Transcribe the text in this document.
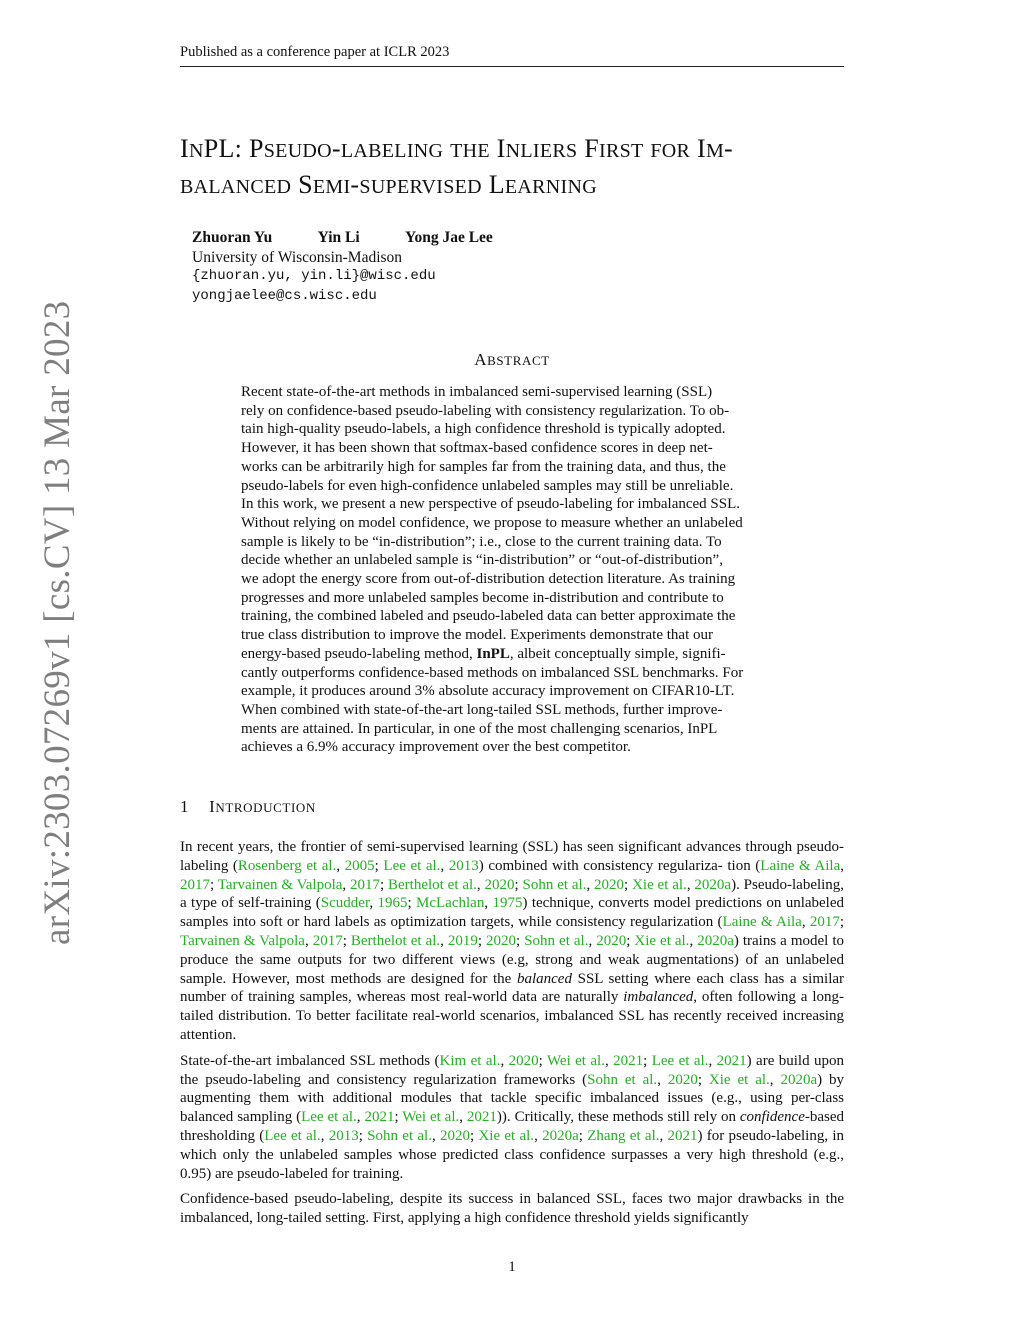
Published as a conference paper at ICLR 2023
arXiv:2303.07269v1 [cs.CV] 13 Mar 2023
INPL: PSEUDO-LABELING THE INLIERS FIRST FOR IM-
BALANCED SEMI-SUPERVISED LEARNING
Zhuoran Yu	Yin Li	Yong Jae Lee
University of Wisconsin-Madison
{zhuoran.yu, yin.li}@wisc.edu
yongjaelee@cs.wisc.edu
ABSTRACT
Recent state-of-the-art methods in imbalanced semi-supervised learning (SSL)
rely on confidence-based pseudo-labeling with consistency regularization. To ob-
tain high-quality pseudo-labels, a high confidence threshold is typically adopted.
However, it has been shown that softmax-based confidence scores in deep net-
works can be arbitrarily high for samples far from the training data, and thus, the
pseudo-labels for even high-confidence unlabeled samples may still be unreliable.
In this work, we present a new perspective of pseudo-labeling for imbalanced SSL.
Without relying on model confidence, we propose to measure whether an unlabeled
sample is likely to be “in-distribution”; i.e., close to the current training data. To
decide whether an unlabeled sample is “in-distribution” or “out-of-distribution”,
we adopt the energy score from out-of-distribution detection literature. As training
progresses and more unlabeled samples become in-distribution and contribute to
training, the combined labeled and pseudo-labeled data can better approximate the
true class distribution to improve the model. Experiments demonstrate that our
energy-based pseudo-labeling method, InPL, albeit conceptually simple, signifi-
cantly outperforms confidence-based methods on imbalanced SSL benchmarks. For
example, it produces around 3% absolute accuracy improvement on CIFAR10-LT.
When combined with state-of-the-art long-tailed SSL methods, further improve-
ments are attained. In particular, in one of the most challenging scenarios, InPL
achieves a 6.9% accuracy improvement over the best competitor.
1 INTRODUCTION

In recent years, the frontier of semi-supervised learning (SSL) has seen significant advances through pseudo-labeling (Rosenberg et al., 2005; Lee et al., 2013) combined with consistency regulariza- tion (Laine & Aila, 2017; Tarvainen & Valpola, 2017; Berthelot et al., 2020; Sohn et al., 2020; Xie et al., 2020a). Pseudo-labeling, a type of self-training (Scudder, 1965; McLachlan, 1975) technique, converts model predictions on unlabeled samples into soft or hard labels as optimization targets, while consistency regularization (Laine & Aila, 2017; Tarvainen & Valpola, 2017; Berthelot et al., 2019; 2020; Sohn et al., 2020; Xie et al., 2020a) trains a model to produce the same outputs for two different views (e.g, strong and weak augmentations) of an unlabeled sample. However, most methods are designed for the balanced SSL setting where each class has a similar number of training samples, whereas most real-world data are naturally imbalanced, often following a long-tailed distribution. To better facilitate real-world scenarios, imbalanced SSL has recently received increasing attention.

State-of-the-art imbalanced SSL methods (Kim et al., 2020; Wei et al., 2021; Lee et al., 2021) are build upon the pseudo-labeling and consistency regularization frameworks (Sohn et al., 2020; Xie et al., 2020a) by augmenting them with additional modules that tackle specific imbalanced issues (e.g., using per-class balanced sampling (Lee et al., 2021; Wei et al., 2021)). Critically, these methods still rely on confidence-based thresholding (Lee et al., 2013; Sohn et al., 2020; Xie et al., 2020a; Zhang et al., 2021) for pseudo-labeling, in which only the unlabeled samples whose predicted class confidence surpasses a very high threshold (e.g., 0.95) are pseudo-labeled for training.

Confidence-based pseudo-labeling, despite its success in balanced SSL, faces two major drawbacks in the imbalanced, long-tailed setting. First, applying a high confidence threshold yields significantly

1
